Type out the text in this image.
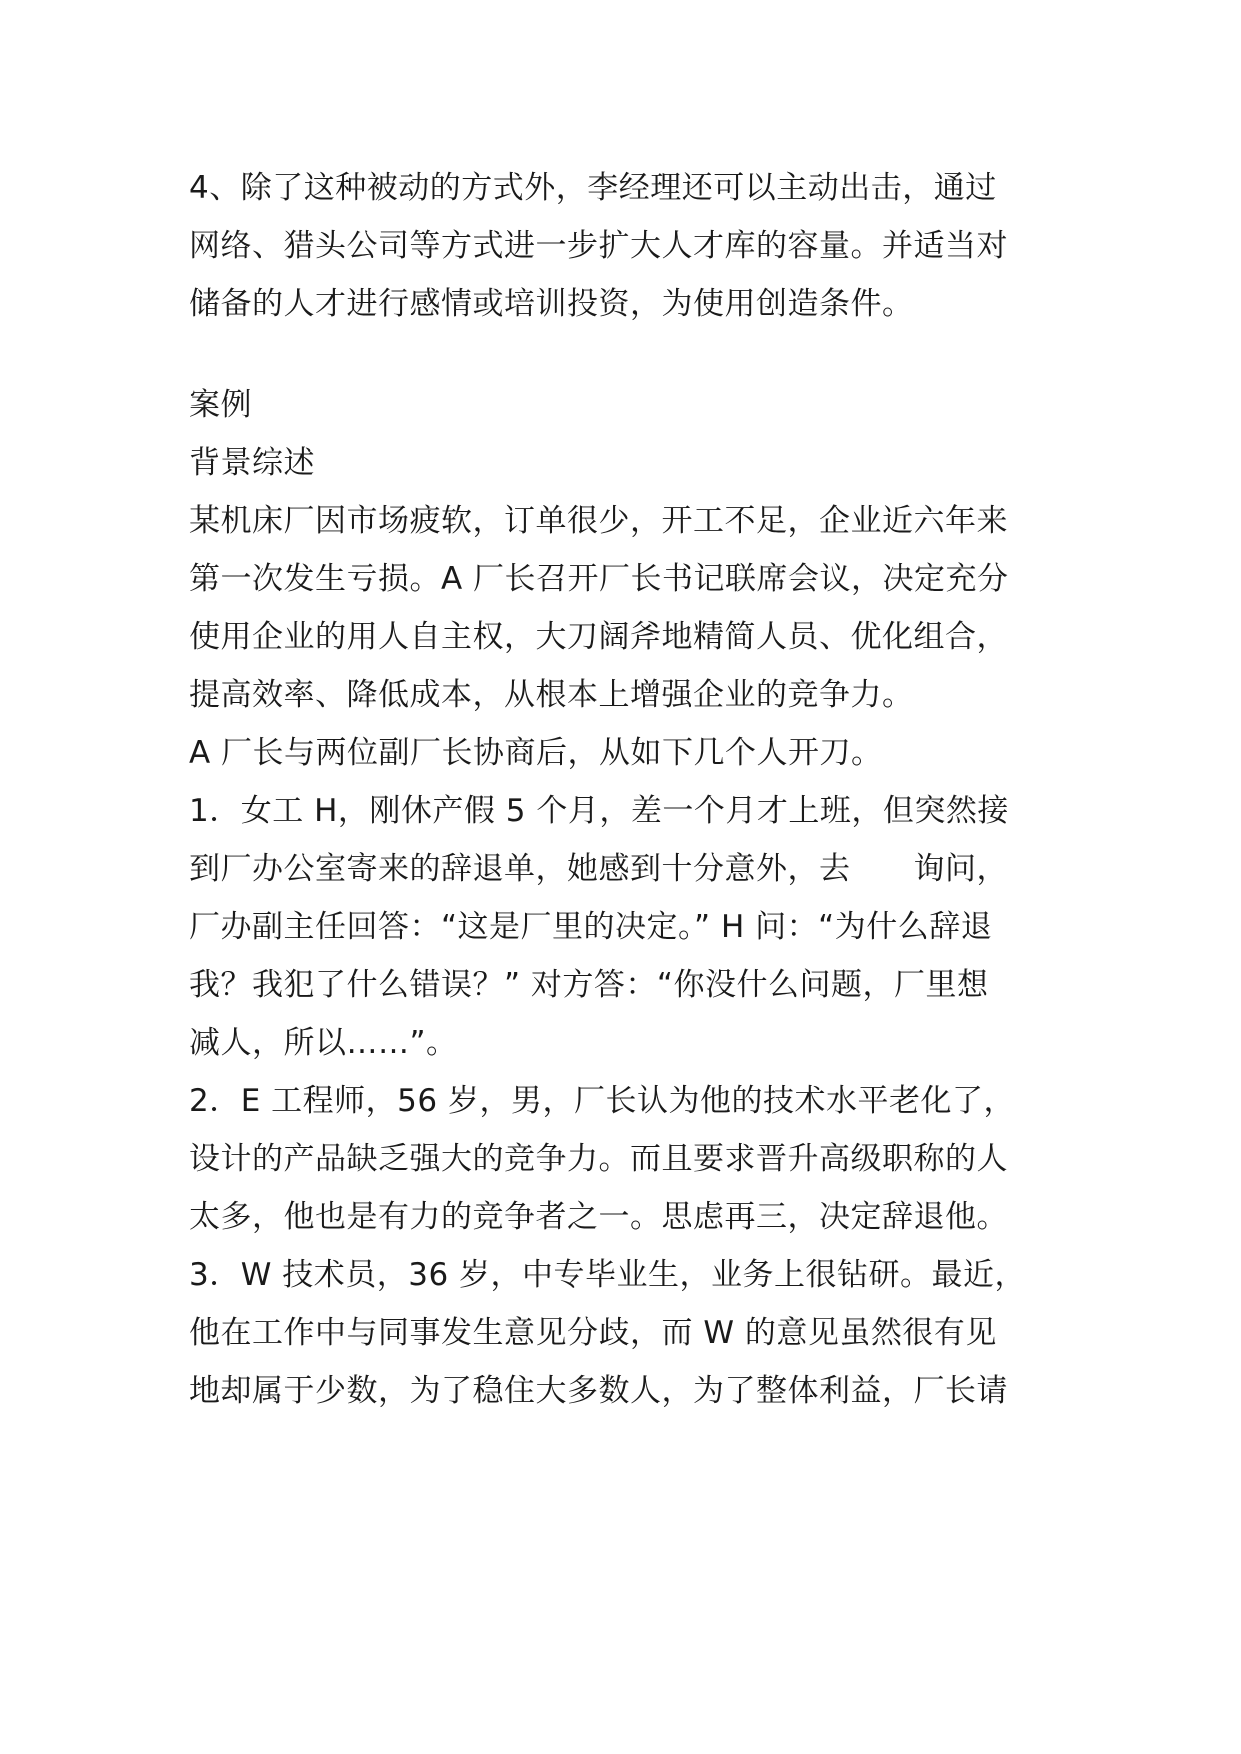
4、除了这种被动的方式外，李经理还可以主动出击，通过
网络、猎头公司等方式进一步扩大人才库的容量。并适当对
储备的人才进行感情或培训投资，为使用创造条件。
案例
背景综述
某机床厂因市场疲软，订单很少，开工不足，企业近六年来
第一次发生亏损。A 厂长召开厂长书记联席会议，决定充分
使用企业的用人自主权，大刀阔斧地精简人员、优化组合，
提高效率、降低成本，从根本上增强企业的竞争力。
A 厂长与两位副厂长协商后，从如下几个人开刀。
1．女工 H，刚休产假 5 个月，差一个月才上班，但突然接
到厂办公室寄来的辞退单，她感到十分意外，去　　询问，
厂办副主任回答：“这是厂里的决定。” H 问：“为什么辞退
我？我犯了什么错误？” 对方答：“你没什么问题，厂里想
减人，所以……”。
2．E 工程师，56 岁，男，厂长认为他的技术水平老化了，
设计的产品缺乏强大的竞争力。而且要求晋升高级职称的人
太多，他也是有力的竞争者之一。思虑再三，决定辞退他。
3．W 技术员，36 岁，中专毕业生，业务上很钻研。最近，
他在工作中与同事发生意见分歧，而 W 的意见虽然很有见
地却属于少数，为了稳住大多数人，为了整体利益，厂长请
